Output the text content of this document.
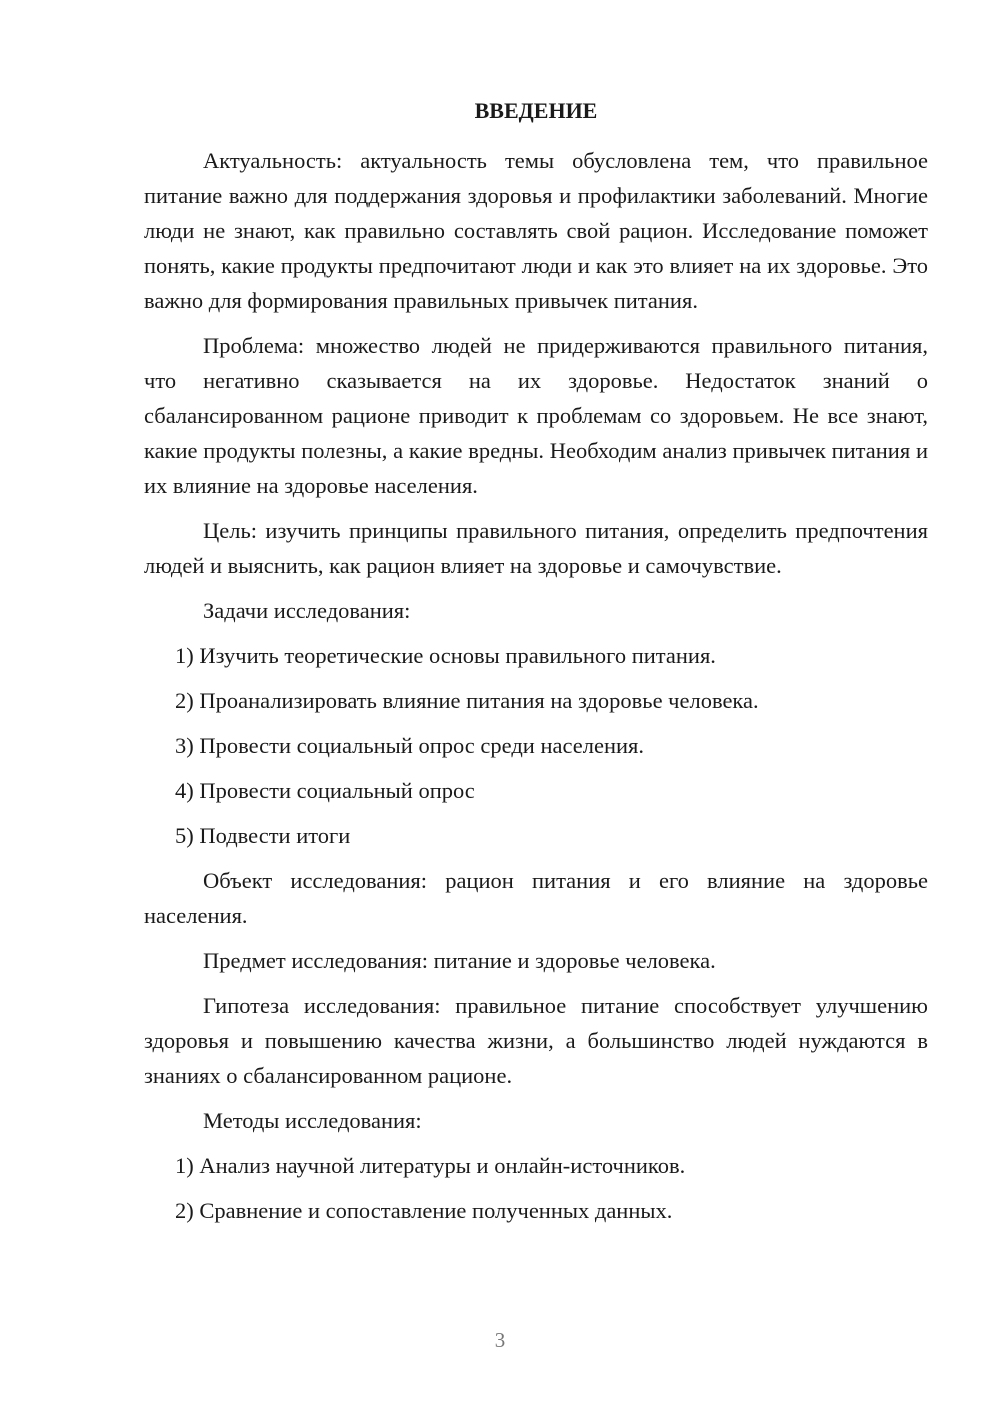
ВВЕДЕНИЕ

Актуальность: актуальность темы обусловлена тем, что правильное питание важно для поддержания здоровья и профилактики заболеваний. Многие люди не знают, как правильно составлять свой рацион. Исследование поможет понять, какие продукты предпочитают люди и как это влияет на их здоровье. Это важно для формирования правильных привычек питания.

Проблема: множество людей не придерживаются правильного питания, что негативно сказывается на их здоровье. Недостаток знаний о сбалансированном рационе приводит к проблемам со здоровьем. Не все знают, какие продукты полезны, а какие вредны. Необходим анализ привычек питания и их влияние на здоровье населения.

Цель: изучить принципы правильного питания, определить предпочтения людей и выяснить, как рацион влияет на здоровье и самочувствие.

Задачи исследования:

1) Изучить теоретические основы правильного питания.
2) Проанализировать влияние питания на здоровье человека.
3) Провести социальный опрос среди населения.
4) Провести социальный опрос
5) Подвести итоги

Объект исследования: рацион питания и его влияние на здоровье населения.

Предмет исследования: питание и здоровье человека.

Гипотеза исследования: правильное питание способствует улучшению здоровья и повышению качества жизни, а большинство людей нуждаются в знаниях о сбалансированном рационе.

Методы исследования:

1) Анализ научной литературы и онлайн-источников.
2) Сравнение и сопоставление полученных данных.
3
